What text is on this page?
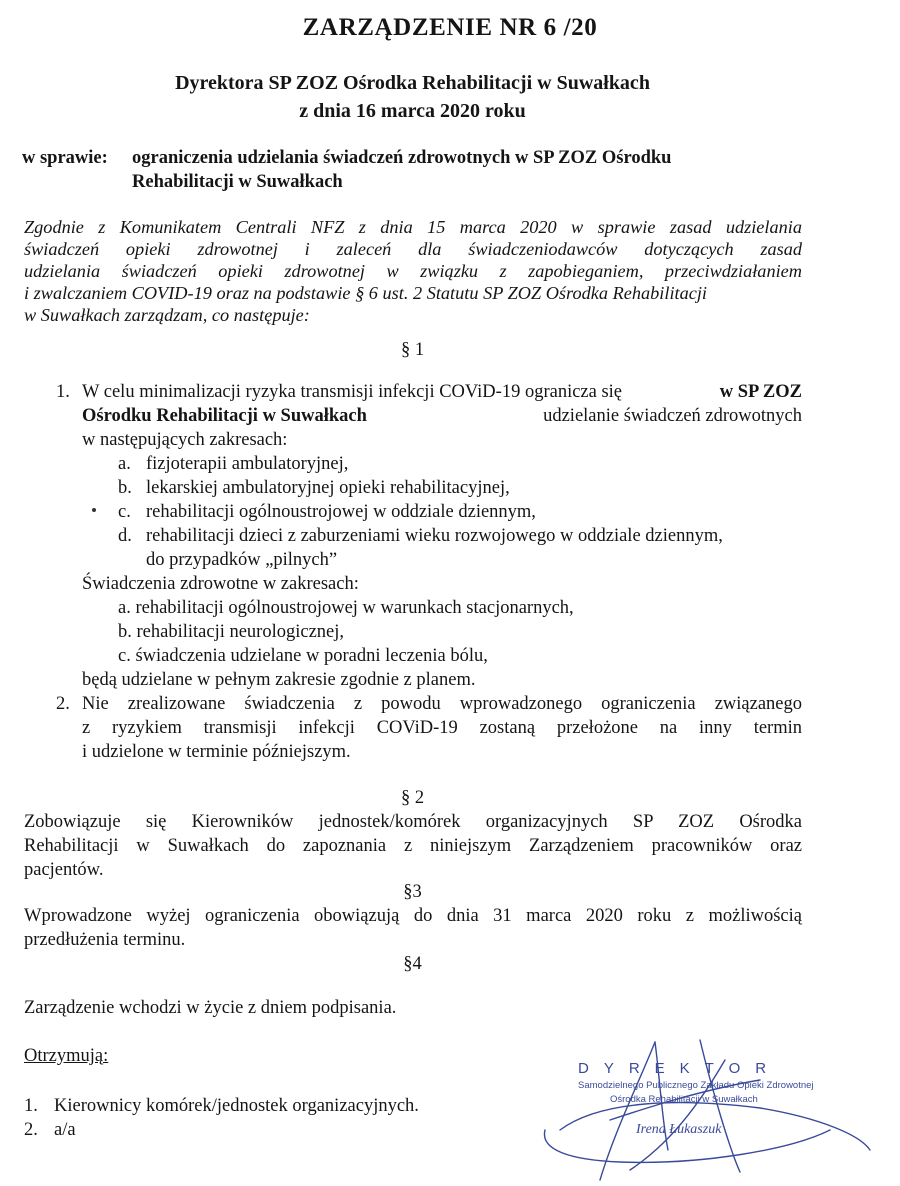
ZARZĄDZENIE NR 6 /20
Dyrektora SP ZOZ Ośrodka Rehabilitacji w Suwałkach
z dnia 16 marca 2020 roku
w sprawie: ograniczenia udzielania świadczeń zdrowotnych w SP ZOZ Ośrodku
Rehabilitacji w Suwałkach
Zgodnie z Komunikatem Centrali NFZ z dnia 15 marca 2020 w sprawie zasad udzielania
świadczeń opieki zdrowotnej i zaleceń dla świadczeniodawców dotyczących zasad
udzielania świadczeń opieki zdrowotnej w związku z zapobieganiem, przeciwdziałaniem
i zwalczaniem COVID-19 oraz na podstawie § 6 ust. 2 Statutu SP ZOZ Ośrodka Rehabilitacji
w Suwałkach zarządzam, co następuje:
§ 1
1. W celu minimalizacji ryzyka transmisji infekcji COViD-19 ogranicza się	w SP ZOZ
Ośrodku Rehabilitacji w Suwałkach	udzielanie świadczeń zdrowotnych
w następujących zakresach:
a. fizjoterapii ambulatoryjnej,
b. lekarskiej ambulatoryjnej opieki rehabilitacyjnej,
c. rehabilitacji ogólnoustrojowej w oddziale dziennym,
d. rehabilitacji dzieci z zaburzeniami wieku rozwojowego w oddziale dziennym,
do przypadków „pilnych”
Świadczenia zdrowotne w zakresach:
a. rehabilitacji ogólnoustrojowej w warunkach stacjonarnych,
b. rehabilitacji neurologicznej,
c. świadczenia udzielane w poradni leczenia bólu,
będą udzielane w pełnym zakresie zgodnie z planem.
2. Nie zrealizowane świadczenia z powodu wprowadzonego ograniczenia związanego
z ryzykiem transmisji infekcji COViD-19 zostaną przełożone na inny termin
i udzielone w terminie późniejszym.
§ 2
Zobowiązuje się Kierowników jednostek/komórek organizacyjnych SP ZOZ Ośrodka
Rehabilitacji w Suwałkach do zapoznania z niniejszym Zarządzeniem pracowników oraz
pacjentów.
§3
Wprowadzone wyżej ograniczenia obowiązują do dnia 31 marca 2020 roku z możliwością
przedłużenia terminu.
§4
Zarządzenie wchodzi w życie z dniem podpisania.
Otrzymują:
1. Kierownicy komórek/jednostek organizacyjnych.
2. a/a
DYREKTOR
Samodzielnego Publicznego Zakładu Opieki Zdrowotnej
Ośrodka Rehabilitacji w Suwałkach
Irena Łukaszuk
